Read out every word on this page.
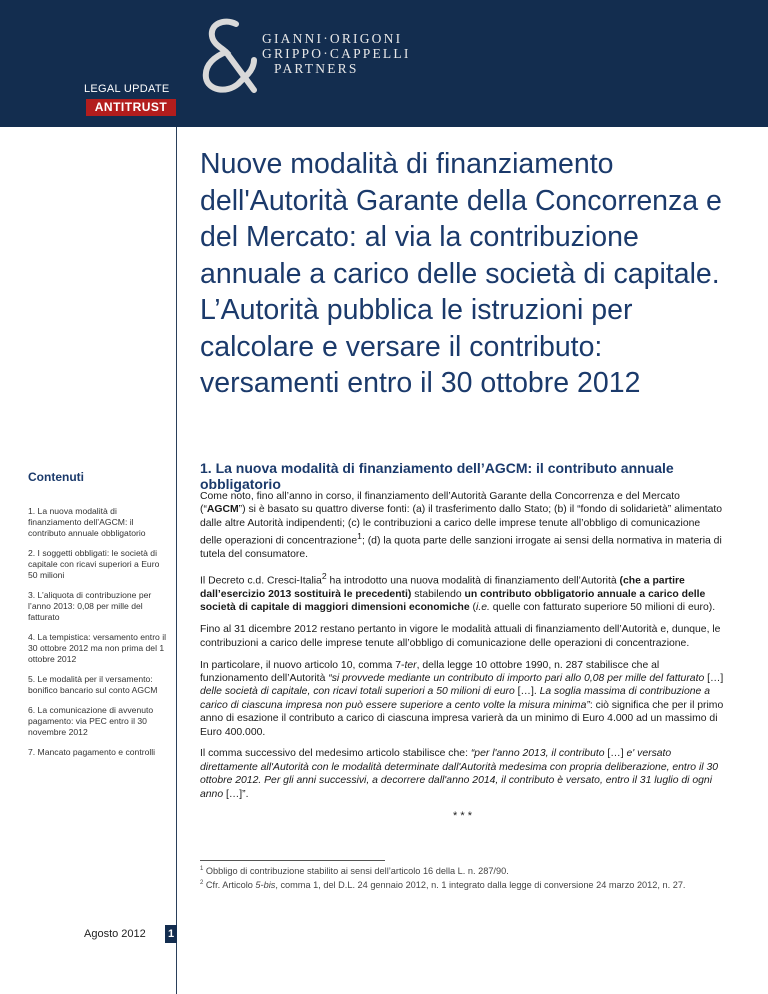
GIANNI·ORIGONI
GRIPPO·CAPPELLI
PARTNERS
LEGAL UPDATE
ANTITRUST
Nuove modalità di finanziamento dell'Autorità Garante della Concorrenza e del Mercato: al via la contribuzione annuale a carico delle società di capitale. L’Autorità pubblica le istruzioni per calcolare e versare il contributo: versamenti entro il 30 ottobre 2012
Contenuti
1. La nuova modalità di finanziamento dell’AGCM: il contributo annuale obbligatorio
2. I soggetti obbligati: le società di capitale con ricavi superiori a Euro 50 milioni
3. L’aliquota di contribuzione per l’anno 2013: 0,08 per mille del fatturato
4. La tempistica: versamento entro il 30 ottobre 2012 ma non prima del 1 ottobre 2012
5. Le modalità per il versamento: bonifico bancario sul conto AGCM
6. La comunicazione di avvenuto pagamento: via PEC entro il 30 novembre 2012
7. Mancato pagamento e controlli
1. La nuova modalità di finanziamento dell’AGCM: il contributo annuale obbligatorio

Come noto, fino all’anno in corso, il finanziamento dell’Autorità Garante della Concorrenza e del Mercato (“AGCM”) si è basato su quattro diverse fonti: (a) il trasferimento dallo Stato; (b) il “fondo di solidarietà” alimentato dalle altre Autorità indipendenti; (c) le contribuzioni a carico delle imprese tenute all’obbligo di comunicazione delle operazioni di concentrazione$^1$; (d) la quota parte delle sanzioni irrogate ai sensi della normativa in materia di tutela del consumatore.

Il Decreto c.d. Cresci-Italia$^2$ ha introdotto una nuova modalità di finanziamento dell’Autorità (che a partire dall’esercizio 2013 sostituirà le precedenti) stabilendo un contributo obbligatorio annuale a carico delle società di capitale di maggiori dimensioni economiche (i.e. quelle con fatturato superiore 50 milioni di euro).

Fino al 31 dicembre 2012 restano pertanto in vigore le modalità attuali di finanziamento dell’Autorità e, dunque, le contribuzioni a carico delle imprese tenute all’obbligo di comunicazione delle operazioni di concentrazione.

In particolare, il nuovo articolo 10, comma 7-ter, della legge 10 ottobre 1990, n. 287 stabilisce che al funzionamento dell’Autorità “si provvede mediante un contributo di importo pari allo 0,08 per mille del fatturato […] delle società di capitale, con ricavi totali superiori a 50 milioni di euro […]. La soglia massima di contribuzione a carico di ciascuna impresa non può essere superiore a cento volte la misura minima”: ciò significa che per il primo anno di esazione il contributo a carico di ciascuna impresa varierà da un minimo di Euro 4.000 ad un massimo di Euro 400.000.

Il comma successivo del medesimo articolo stabilisce che: “per l'anno 2013, il contributo […] e' versato direttamente all'Autorità con le modalità determinate dall'Autorità medesima con propria deliberazione, entro il 30 ottobre 2012. Per gli anni successivi, a decorrere dall'anno 2014, il contributo è versato, entro il 31 luglio di ogni anno […]”.

* * *
$^1$ Obbligo di contribuzione stabilito ai sensi dell’articolo 16 della L. n. 287/90.
$^2$ Cfr. Articolo 5-bis, comma 1, del D.L. 24 gennaio 2012, n. 1 integrato dalla legge di conversione 24 marzo 2012, n. 27.
Agosto 2012 1
